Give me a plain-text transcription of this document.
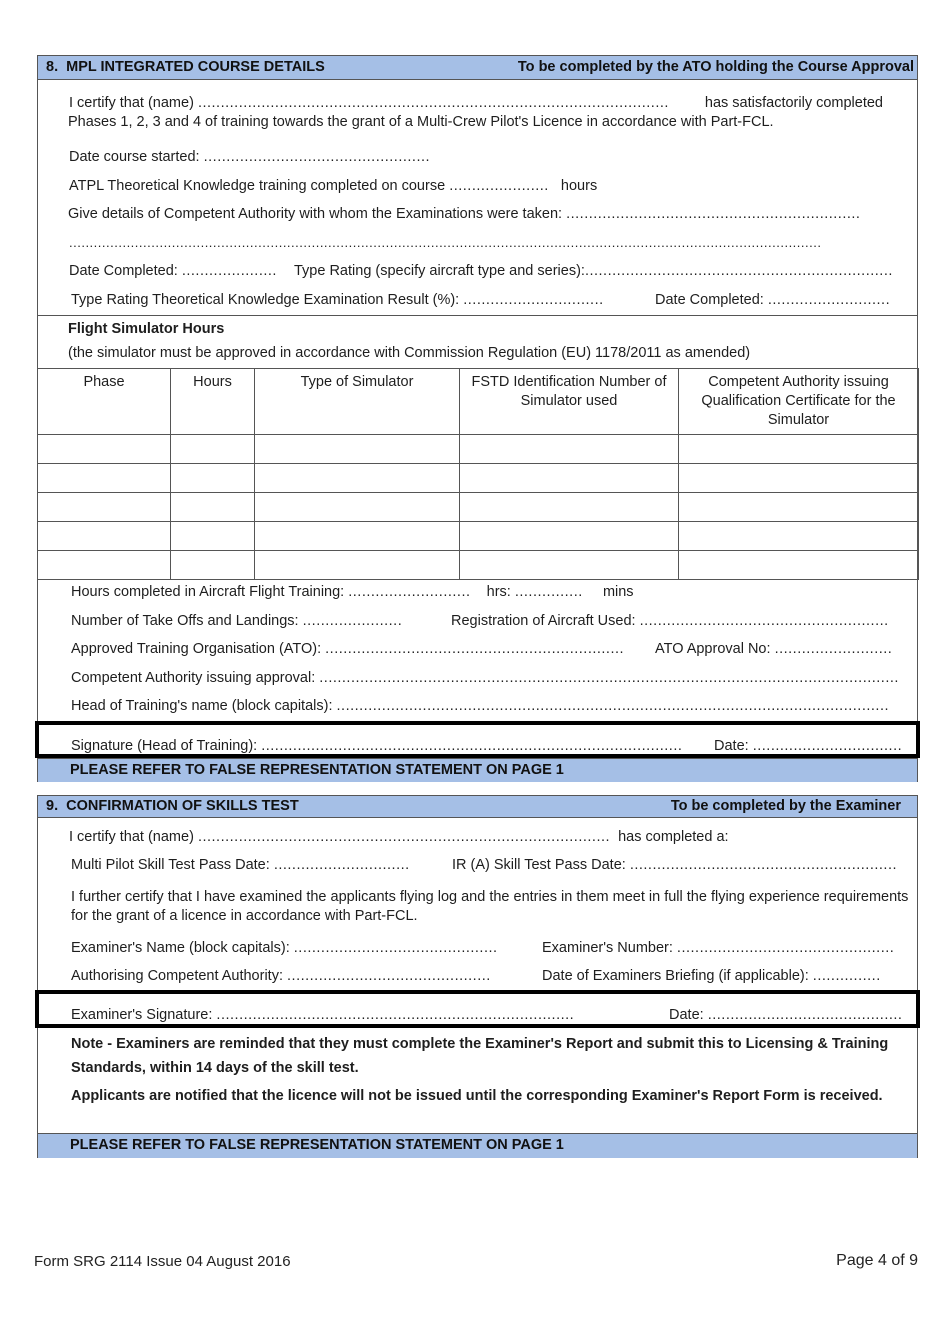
8. MPL INTEGRATED COURSE DETAILS	To be completed by the ATO holding the Course Approval
I certify that (name) ........................................................................................................ has satisfactorily completed
Phases 1, 2, 3 and 4 of training towards the grant of a Multi-Crew Pilot's Licence in accordance with Part-FCL.
Date course started: ..................................................
ATPL Theoretical Knowledge training completed on course ...................... hours
Give details of Competent Authority with whom the Examinations were taken: .................................................................
.......................................................................................................................................................................................
Date Completed: ..................... Type Rating (specify aircraft type and series):....................................................................
Type Rating Theoretical Knowledge Examination Result (%): ...............................	Date Completed: ...........................
Flight Simulator Hours
(the simulator must be approved in accordance with Commission Regulation (EU) 1178/2011 as amended)
Phase	Hours	Type of Simulator	FSTD Identification Number of Simulator used	Competent Authority issuing Qualification Certificate for the Simulator

Hours completed in Aircraft Flight Training: ........................... hrs: ............... mins
Number of Take Offs and Landings: ......................	Registration of Aircraft Used: .......................................................
Approved Training Organisation (ATO): .................................................................. ATO Approval No: ..........................
Competent Authority issuing approval: ................................................................................................................................
Head of Training's name (block capitals): ..........................................................................................................................
Signature (Head of Training): ............................................................................................. Date: .................................
PLEASE REFER TO FALSE REPRESENTATION STATEMENT ON PAGE 1
9. CONFIRMATION OF SKILLS TEST	To be completed by the Examiner
I certify that (name) ........................................................................................... has completed a:
Multi Pilot Skill Test Pass Date: ..............................	IR (A) Skill Test Pass Date: ...........................................................
I further certify that I have examined the applicants flying log and the entries in them meet in full the flying experience requirements for the grant of a licence in accordance with Part-FCL.
Examiner's Name (block capitals): .............................................	Examiner's Number: ................................................
Authorising Competent Authority: .............................................	Date of Examiners Briefing (if applicable): ...............
Examiner's Signature: ...............................................................................	Date: ...........................................
Note - Examiners are reminded that they must complete the Examiner's Report and submit this to Licensing & Training Standards, within 14 days of the skill test.
Applicants are notified that the licence will not be issued until the corresponding Examiner's Report Form is received.
PLEASE REFER TO FALSE REPRESENTATION STATEMENT ON PAGE 1
Form SRG 2114 Issue 04 August 2016	Page 4 of 9
